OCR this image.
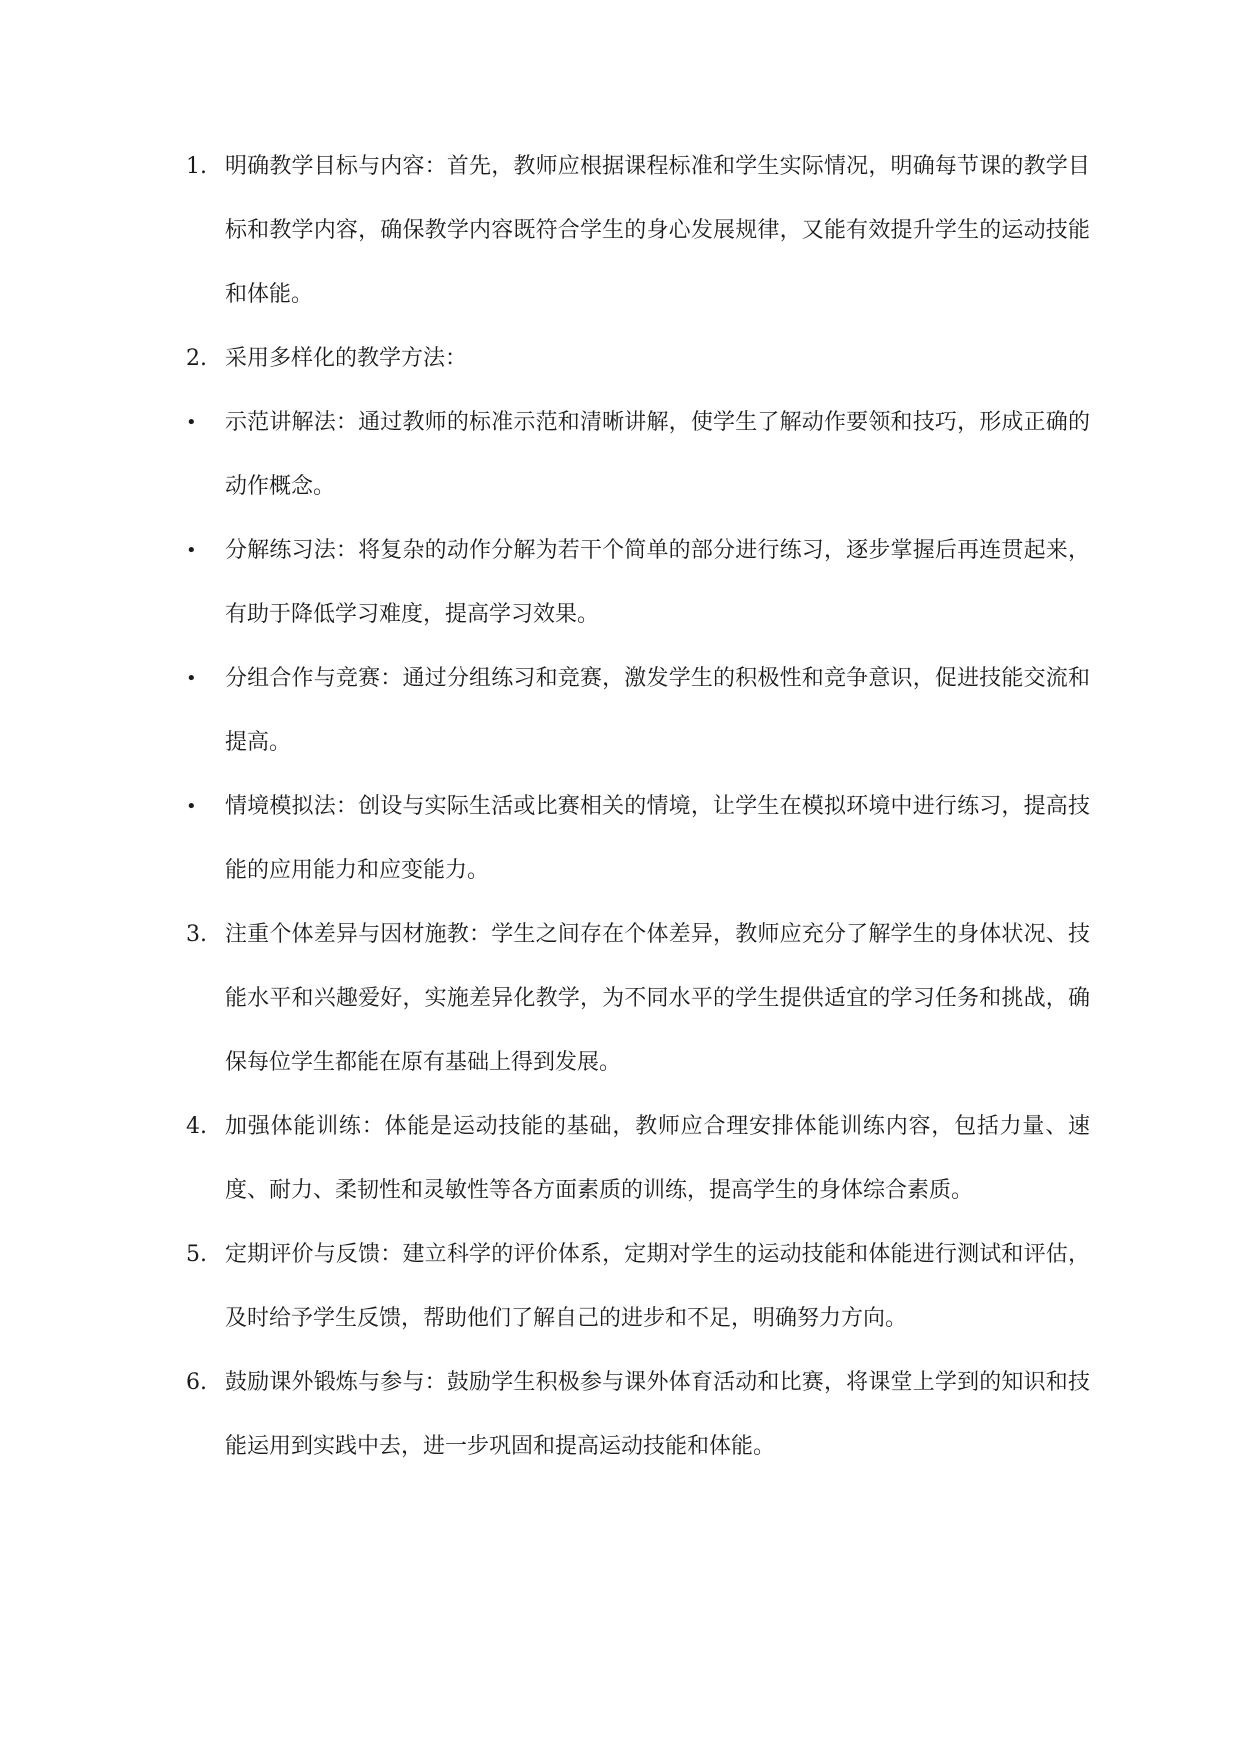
1. 明确教学目标与内容：首先，教师应根据课程标准和学生实际情况，明确每节课的教学目标和教学内容，确保教学内容既符合学生的身心发展规律，又能有效提升学生的运动技能和体能。
2. 采用多样化的教学方法：
•	示范讲解法：通过教师的标准示范和清晰讲解，使学生了解动作要领和技巧，形成正确的动作概念。
•	分解练习法：将复杂的动作分解为若干个简单的部分进行练习，逐步掌握后再连贯起来，有助于降低学习难度，提高学习效果。
•	分组合作与竞赛：通过分组练习和竞赛，激发学生的积极性和竞争意识，促进技能交流和提高。
•	情境模拟法：创设与实际生活或比赛相关的情境，让学生在模拟环境中进行练习，提高技能的应用能力和应变能力。
3. 注重个体差异与因材施教：学生之间存在个体差异，教师应充分了解学生的身体状况、技能水平和兴趣爱好，实施差异化教学，为不同水平的学生提供适宜的学习任务和挑战，确保每位学生都能在原有基础上得到发展。
4. 加强体能训练：体能是运动技能的基础，教师应合理安排体能训练内容，包括力量、速度、耐力、柔韧性和灵敏性等各方面素质的训练，提高学生的身体综合素质。
5. 定期评价与反馈：建立科学的评价体系，定期对学生的运动技能和体能进行测试和评估，及时给予学生反馈，帮助他们了解自己的进步和不足，明确努力方向。
6. 鼓励课外锻炼与参与：鼓励学生积极参与课外体育活动和比赛，将课堂上学到的知识和技能运用到实践中去，进一步巩固和提高运动技能和体能。
